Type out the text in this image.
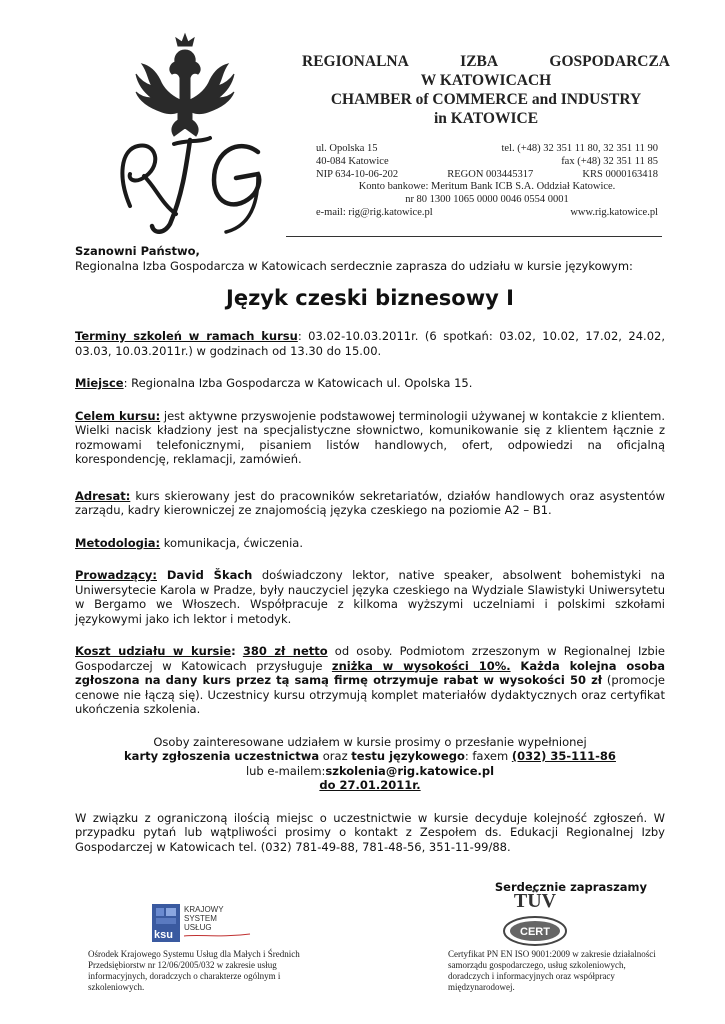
REGIONALNA	IZBA	GOSPODARCZA
W KATOWICACH
CHAMBER of COMMERCE and INDUSTRY
in KATOWICE
ul. Opolska 15	tel. (+48) 32 351 11 80, 32 351 11 90
40-084 Katowice	fax (+48) 32 351 11 85
NIP 634-10-06-202	REGON 003445317	KRS 0000163418
Konto bankowe: Meritum Bank ICB S.A. Oddział Katowice.
nr 80 1300 1065 0000 0046 0554 0001
e-mail: rig@rig.katowice.pl	www.rig.katowice.pl

Szanowni Państwo,

Regionalna Izba Gospodarcza w Katowicach serdecznie zaprasza do udziału w kursie językowym:

Język czeski biznesowy I

Terminy szkoleń w ramach kursu: 03.02-10.03.2011r. (6 spotkań: 03.02, 10.02, 17.02, 24.02, 03.03, 10.03.2011r.) w godzinach od 13.30 do 15.00.

Miejsce: Regionalna Izba Gospodarcza w Katowicach ul. Opolska 15.

Celem kursu: jest aktywne przyswojenie podstawowej terminologii używanej w kontakcie z klientem. Wielki nacisk kładziony jest na specjalistyczne słownictwo, komunikowanie się z klientem łącznie z rozmowami telefonicznymi, pisaniem listów handlowych, ofert, odpowiedzi na oficjalną korespondencję, reklamacji, zamówień.

Adresat: kurs skierowany jest do pracowników sekretariatów, działów handlowych oraz asystentów zarządu, kadry kierowniczej ze znajomością języka czeskiego na poziomie A2 – B1.

Metodologia: komunikacja, ćwiczenia.

Prowadzący: David Škach doświadczony lektor, native speaker, absolwent bohemistyki na Uniwersytecie Karola w Pradze, były nauczyciel języka czeskiego na Wydziale Slawistyki Uniwersytetu w Bergamo we Włoszech. Współpracuje z kilkoma wyższymi uczelniami i polskimi szkołami językowymi jako ich lektor i metodyk.

Koszt udziału w kursie: 380 zł netto od osoby. Podmiotom zrzeszonym w Regionalnej Izbie Gospodarczej w Katowicach przysługuje zniżka w wysokości 10%. Każda kolejna osoba zgłoszona na dany kurs przez tą samą firmę otrzymuje rabat w wysokości 50 zł (promocje cenowe nie łączą się). Uczestnicy kursu otrzymują komplet materiałów dydaktycznych oraz certyfikat ukończenia szkolenia.

Osoby zainteresowane udziałem w kursie prosimy o przesłanie wypełnionej

karty zgłoszenia uczestnictwa oraz testu językowego: faxem (032) 35-111-86

lub e-mailem:szkolenia@rig.katowice.pl

do 27.01.2011r.

W związku z ograniczoną ilością miejsc o uczestnictwie w kursie decyduje kolejność zgłoszeń. W przypadku pytań lub wątpliwości prosimy o kontakt z Zespołem ds. Edukacji Regionalnej Izby Gospodarczej w Katowicach tel. (032) 781-49-88, 781-48-56, 351-11-99/88.

Serdecznie zapraszamy

ksu
KRAJOWY
SYSTEM
USŁUG
Ośrodek Krajowego Systemu Usług dla Małych i Średnich Przedsiębiorstw nr 12/06/2005/032 w zakresie usług informacyjnych, doradczych o charakterze ogólnym i szkoleniowych.
TÜV
CERT
Certyfikat PN EN ISO 9001:2009 w zakresie działalności samorządu gospodarczego, usług szkoleniowych, doradczych i informacyjnych oraz współpracy międzynarodowej.
